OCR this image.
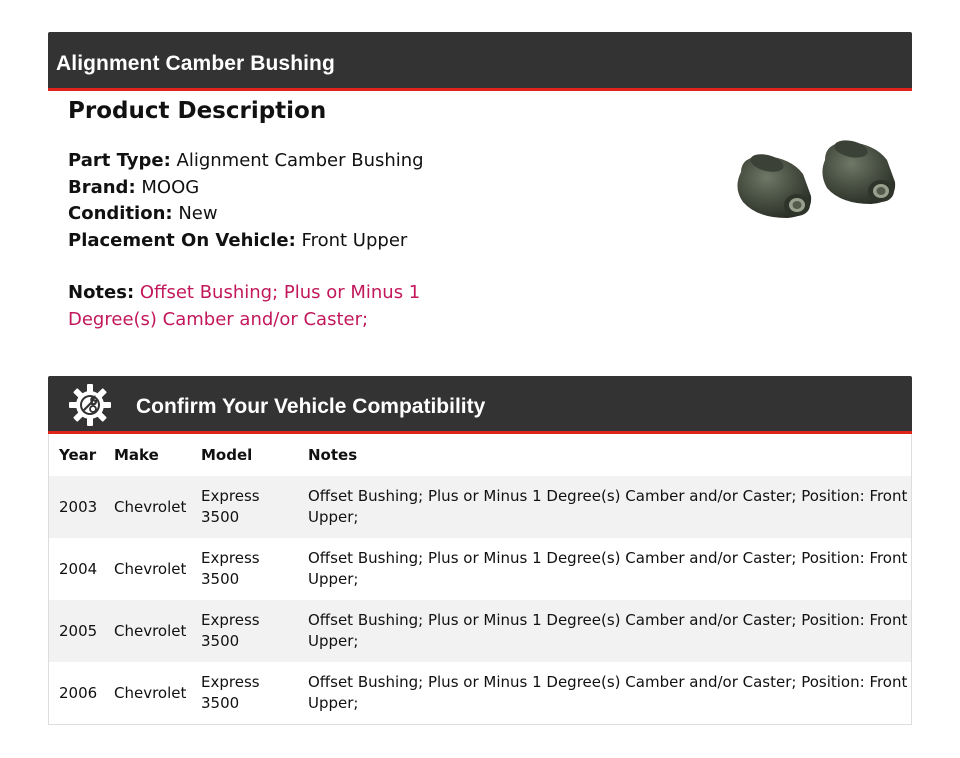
Alignment Camber Bushing
Product Description
Part Type: Alignment Camber Bushing
Brand: MOOG
Condition: New
Placement On Vehicle: Front Upper
Notes: Offset Bushing; Plus or Minus 1 Degree(s) Camber and/or Caster;
Confirm Your Vehicle Compatibility
Year	Make	Model	Notes
2003	Chevrolet	Express 3500	Offset Bushing; Plus or Minus 1 Degree(s) Camber and/or Caster; Position: Front Upper;
2004	Chevrolet	Express 3500	Offset Bushing; Plus or Minus 1 Degree(s) Camber and/or Caster; Position: Front Upper;
2005	Chevrolet	Express 3500	Offset Bushing; Plus or Minus 1 Degree(s) Camber and/or Caster; Position: Front Upper;
2006	Chevrolet	Express 3500	Offset Bushing; Plus or Minus 1 Degree(s) Camber and/or Caster; Position: Front Upper;
